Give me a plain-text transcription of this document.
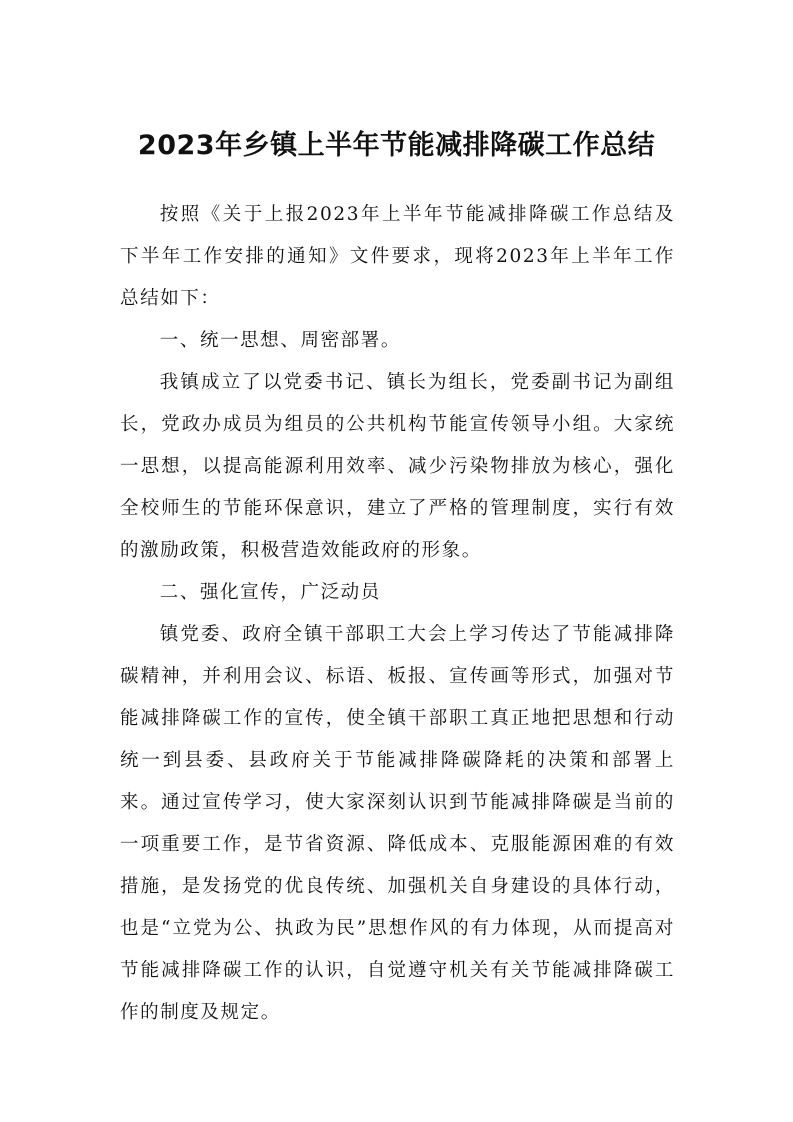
2023年乡镇上半年节能减排降碳工作总结

按照《关于上报2023年上半年节能减排降碳工作总结及下半年工作安排的通知》文件要求，现将2023年上半年工作总结如下：

一、统一思想、周密部署。

我镇成立了以党委书记、镇长为组长，党委副书记为副组长，党政办成员为组员的公共机构节能宣传领导小组。大家统一思想，以提高能源利用效率、减少污染物排放为核心，强化全校师生的节能环保意识，建立了严格的管理制度，实行有效的激励政策，积极营造效能政府的形象。

二、强化宣传，广泛动员

镇党委、政府全镇干部职工大会上学习传达了节能减排降碳精神，并利用会议、标语、板报、宣传画等形式，加强对节能减排降碳工作的宣传，使全镇干部职工真正地把思想和行动统一到县委、县政府关于节能减排降碳降耗的决策和部署上来。通过宣传学习，使大家深刻认识到节能减排降碳是当前的一项重要工作，是节省资源、降低成本、克服能源困难的有效措施，是发扬党的优良传统、加强机关自身建设的具体行动，也是“立党为公、执政为民”思想作风的有力体现，从而提高对节能减排降碳工作的认识，自觉遵守机关有关节能减排降碳工作的制度及规定。
